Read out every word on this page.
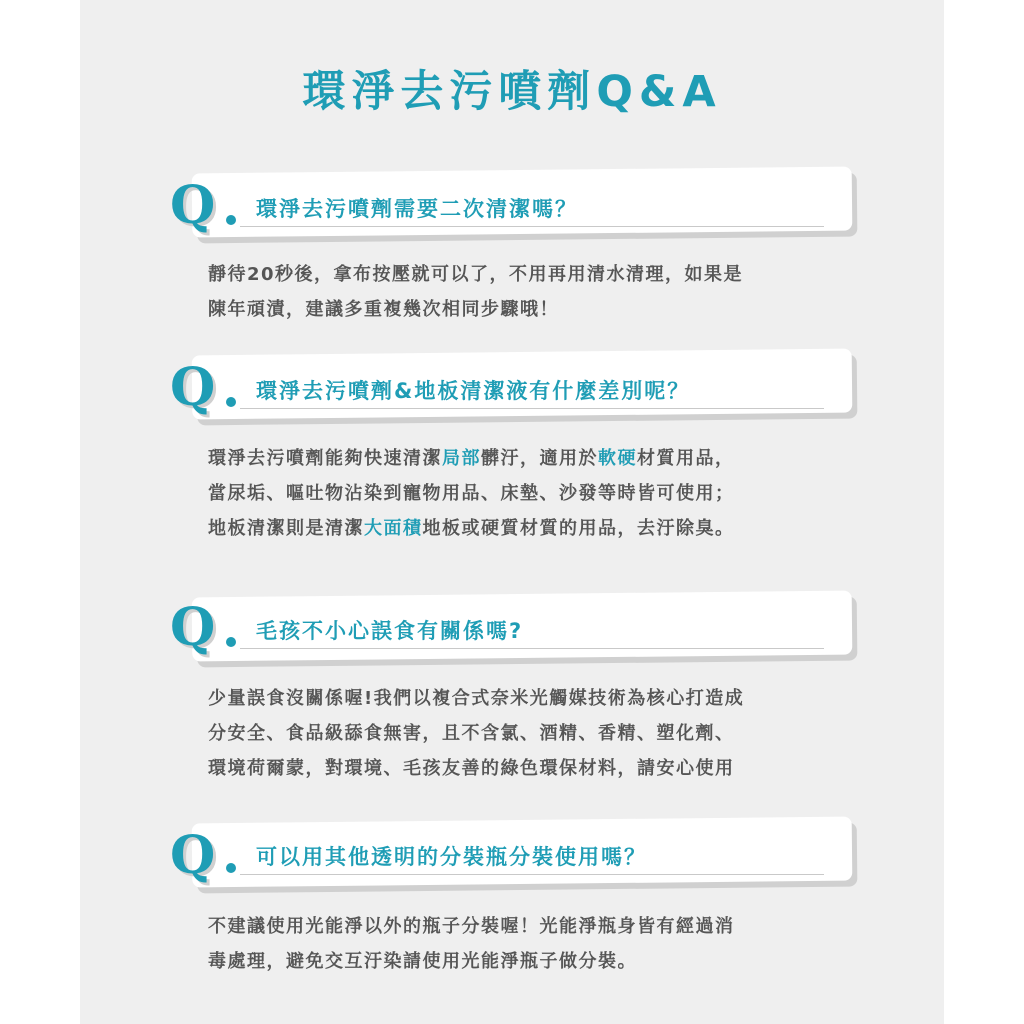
環淨去污噴劑Q&A
Q 環淨去污噴劑需要二次清潔嗎？
靜待20秒後，拿布按壓就可以了，不用再用清水清理，如果是
陳年頑漬，建議多重複幾次相同步驟哦！
Q 環淨去污噴劑&地板清潔液有什麼差別呢？
環淨去污噴劑能夠快速清潔局部髒汙，適用於軟硬材質用品，
當尿垢、嘔吐物沾染到寵物用品、床墊、沙發等時皆可使用；
地板清潔則是清潔大面積地板或硬質材質的用品，去汙除臭。
Q 毛孩不小心誤食有關係嗎?
少量誤食沒關係喔!我們以複合式奈米光觸媒技術為核心打造成
分安全、食品級舔食無害，且不含氯、酒精、香精、塑化劑、
環境荷爾蒙，對環境、毛孩友善的綠色環保材料，請安心使用
Q 可以用其他透明的分裝瓶分裝使用嗎？
不建議使用光能淨以外的瓶子分裝喔！光能淨瓶身皆有經過消
毒處理，避免交互汙染請使用光能淨瓶子做分裝。
